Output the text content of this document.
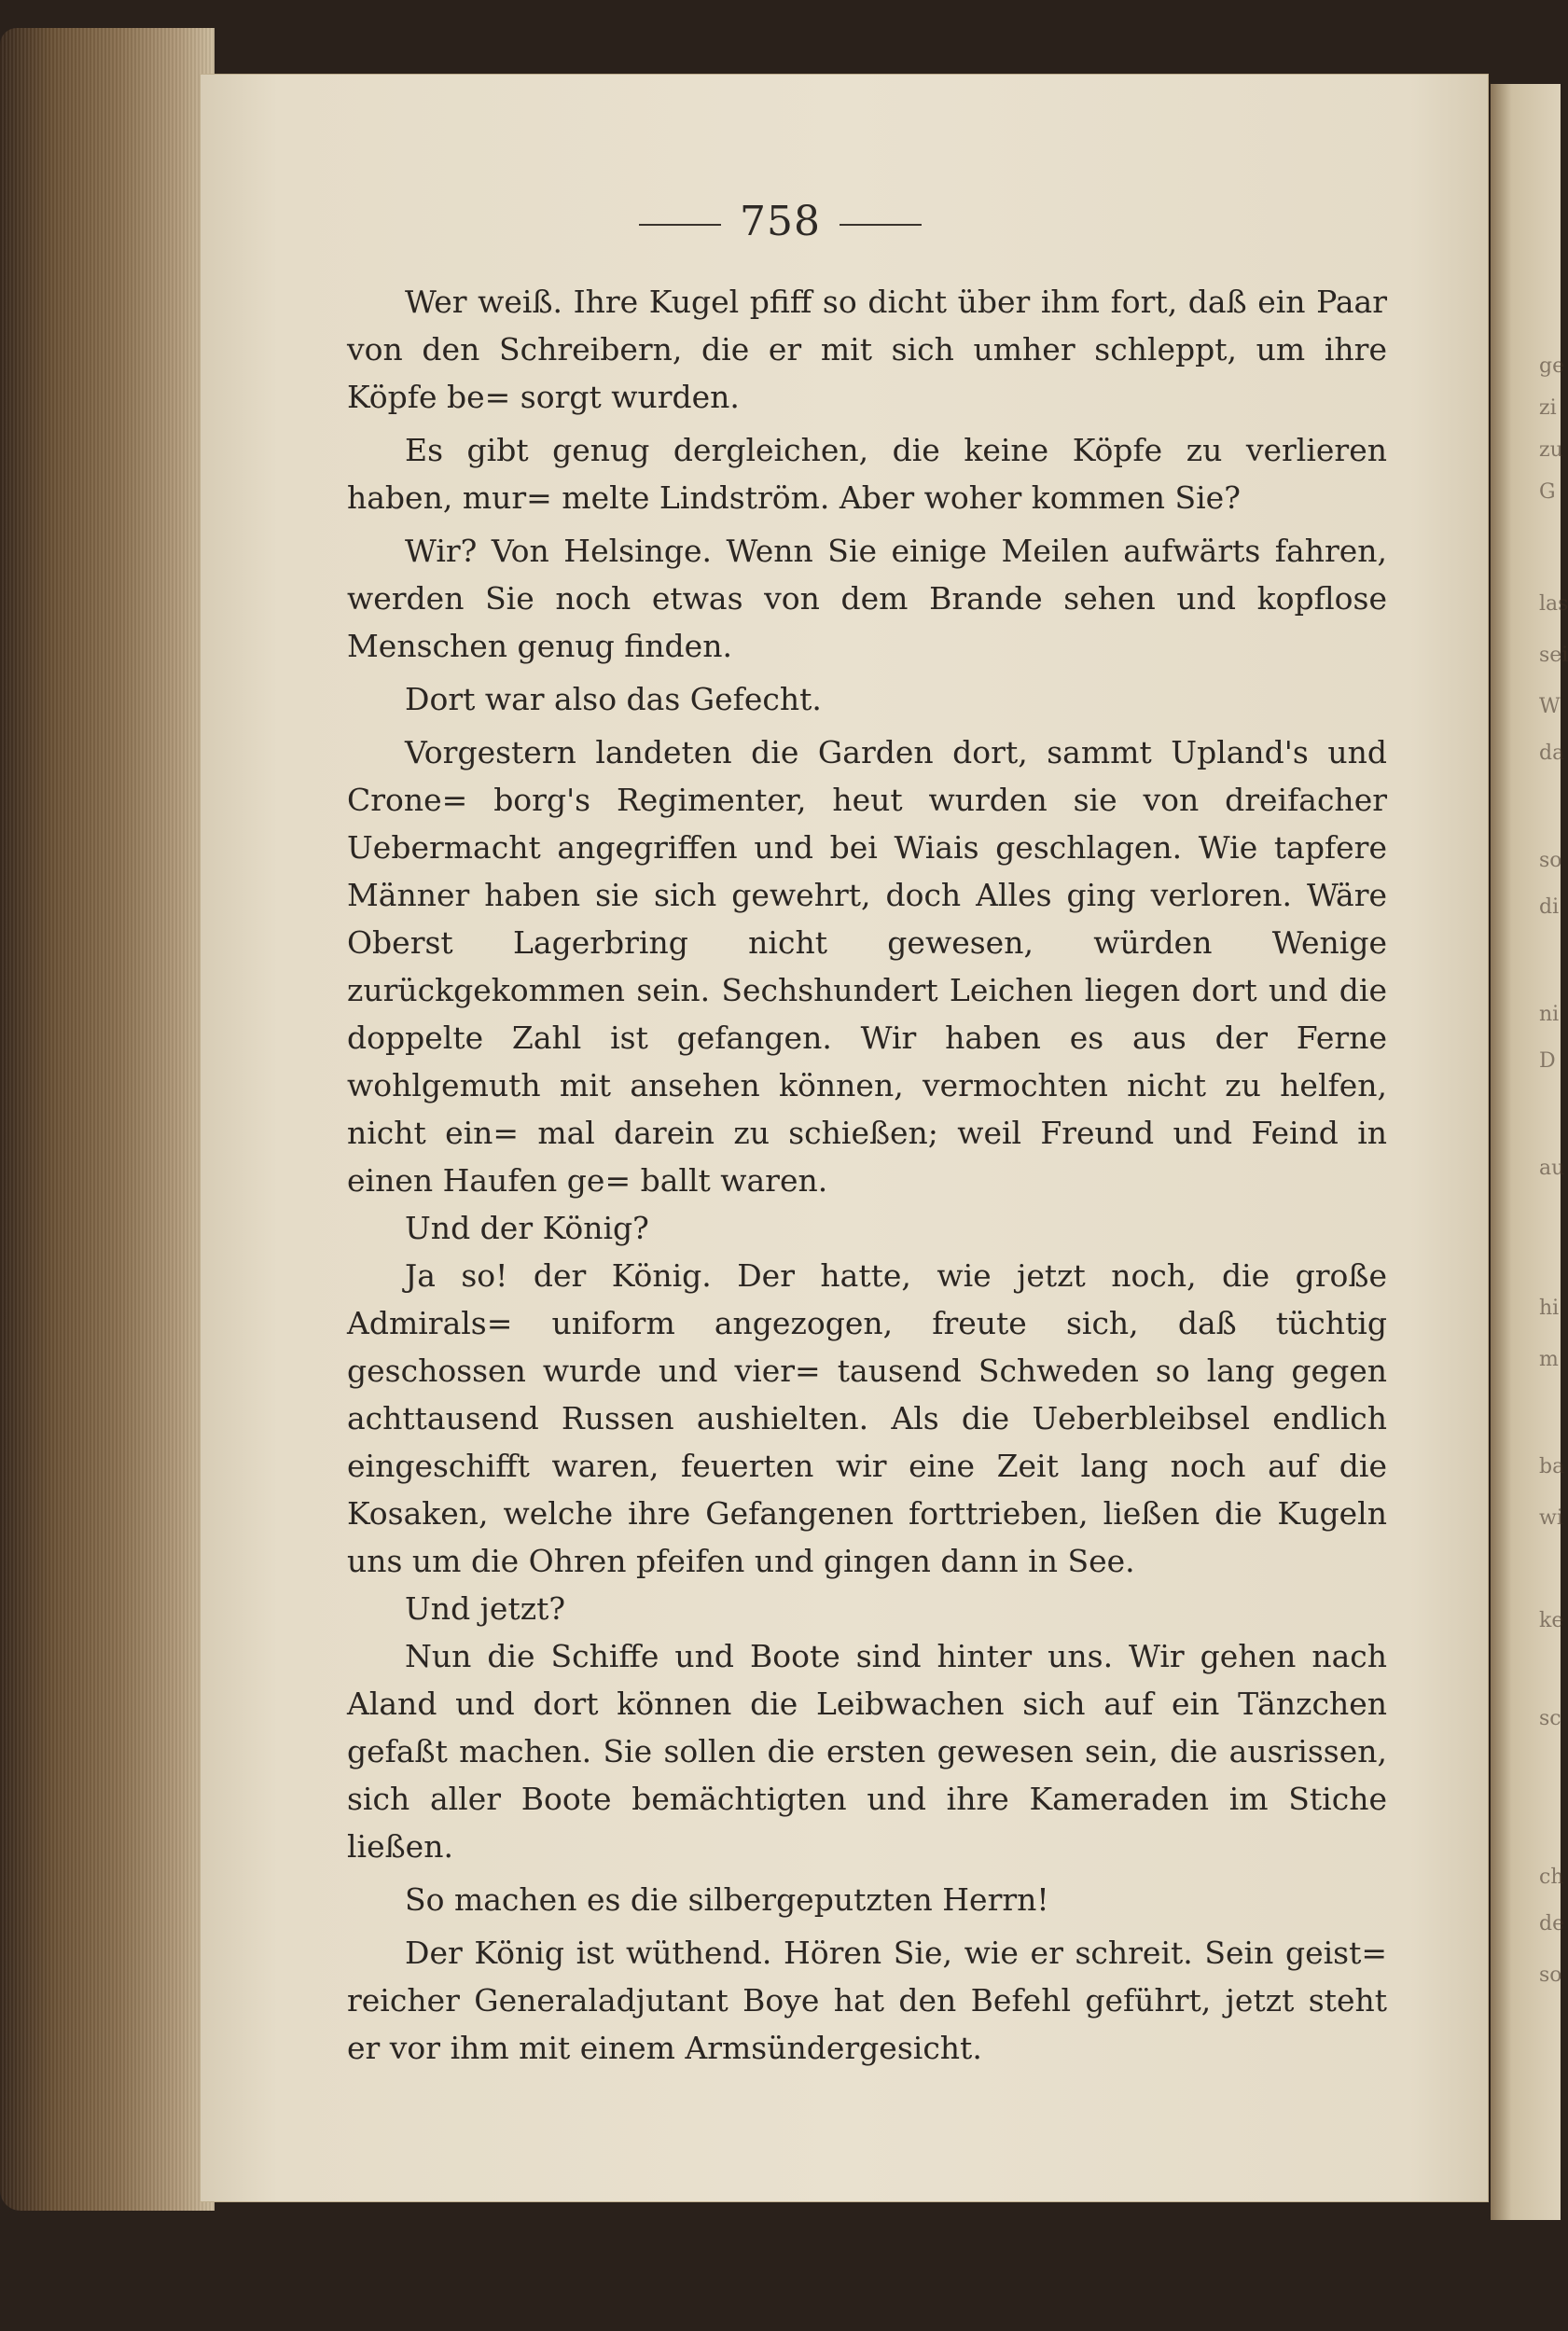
ge
zi
zu
G
las
sei
W
da
so
di
ni
D
au
hi
m
ba
wi
ke
sc
ch
de
so
758

Wer weiß. Ihre Kugel pfiff so dicht über ihm fort, daß ein Paar von den Schreibern, die er mit sich umher schleppt, um ihre Köpfe be= sorgt wurden.

Es gibt genug dergleichen, die keine Köpfe zu verlieren haben, mur= melte Lindström. Aber woher kommen Sie?

Wir? Von Helsinge. Wenn Sie einige Meilen aufwärts fahren, werden Sie noch etwas von dem Brande sehen und kopflose Menschen genug finden.

Dort war also das Gefecht.

Vorgestern landeten die Garden dort, sammt Upland's und Crone= borg's Regimenter, heut wurden sie von dreifacher Uebermacht angegriffen und bei Wiais geschlagen. Wie tapfere Männer haben sie sich gewehrt, doch Alles ging verloren. Wäre Oberst Lagerbring nicht gewesen, würden Wenige zurückgekommen sein. Sechshundert Leichen liegen dort und die doppelte Zahl ist gefangen. Wir haben es aus der Ferne wohlgemuth mit ansehen können, vermochten nicht zu helfen, nicht ein= mal darein zu schießen; weil Freund und Feind in einen Haufen ge= ballt waren.

Und der König?

Ja so! der König. Der hatte, wie jetzt noch, die große Admirals= uniform angezogen, freute sich, daß tüchtig geschossen wurde und vier= tausend Schweden so lang gegen achttausend Russen aushielten. Als die Ueberbleibsel endlich eingeschifft waren, feuerten wir eine Zeit lang noch auf die Kosaken, welche ihre Gefangenen forttrieben, ließen die Kugeln uns um die Ohren pfeifen und gingen dann in See.

Und jetzt?

Nun die Schiffe und Boote sind hinter uns. Wir gehen nach Aland und dort können die Leibwachen sich auf ein Tänzchen gefaßt machen. Sie sollen die ersten gewesen sein, die ausrissen, sich aller Boote bemächtigten und ihre Kameraden im Stiche ließen.

So machen es die silbergeputzten Herrn!

Der König ist wüthend. Hören Sie, wie er schreit. Sein geist= reicher Generaladjutant Boye hat den Befehl geführt, jetzt steht er vor ihm mit einem Armsündergesicht.
